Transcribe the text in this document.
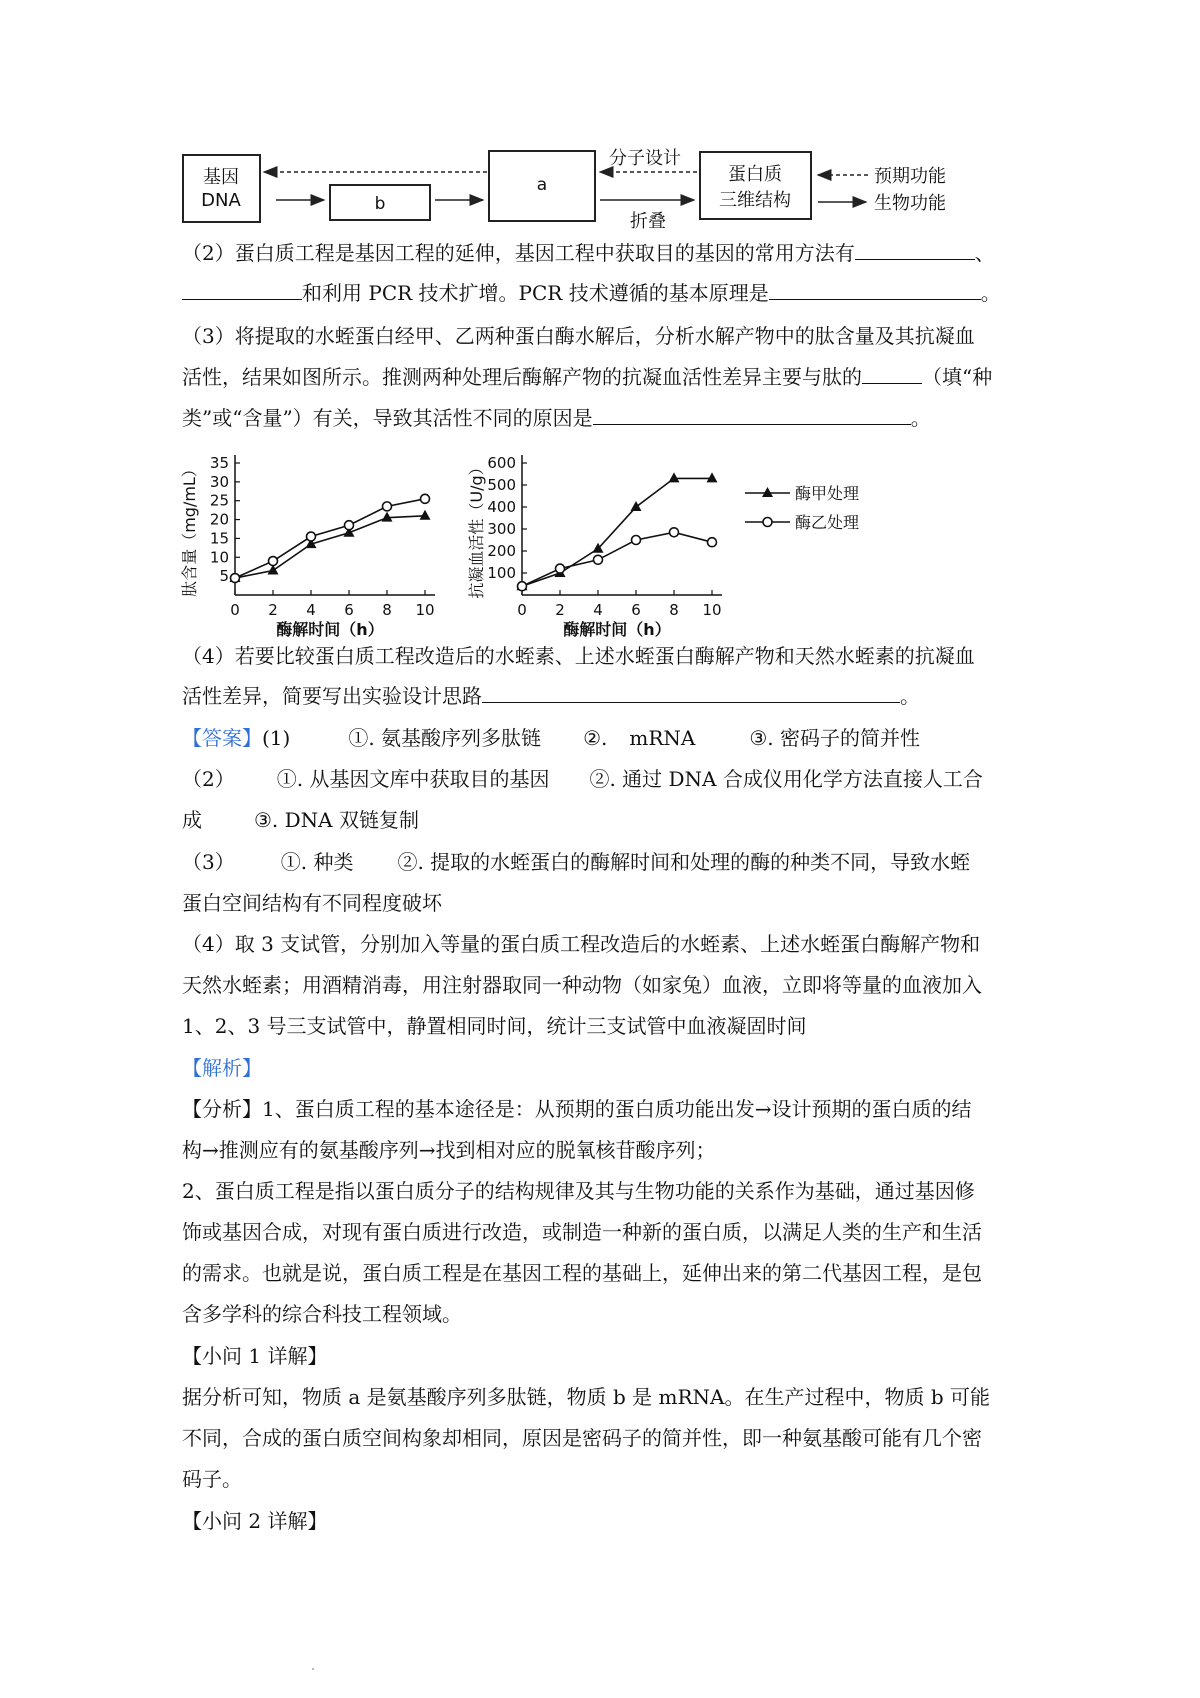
基因
DNA	b
a	蛋白质
三维结构
分子设计
折叠
预期功能
生物功能
（2）蛋白质工程是基因工程的延伸，基因工程中获取目的基因的常用方法有	、
和利用 PCR 技术扩增。PCR 技术遵循的基本原理是	。
（3）将提取的水蛭蛋白经甲、乙两种蛋白酶水解后，分析水解产物中的肽含量及其抗凝血
活性，结果如图所示。推测两种处理后酶解产物的抗凝血活性差异主要与肽的	（填“种
类”或“含量”）有关，导致其活性不同的原因是	。
0 2 4 6 8 10
5
10
15
20
25
30
35
酶解时间（h）
肽含量（mg/mL）
0 2 4 6 8 10
100
200
300
400
500
600
酶解时间（h）
抗凝血活性（U/g）	酶甲处理
酶乙处理
（4）若要比较蛋白质工程改造后的水蛭素、上述水蛭蛋白酶解产物和天然水蛭素的抗凝血
活性差异，简要写出实验设计思路	。
【答案】(1)	①. 氨基酸序列多肽链 ②. mRNA	③. 密码子的简并性
（2） ①. 从基因文库中获取目的基因 ②. 通过 DNA 合成仪用化学方法直接人工合
成	③. DNA 双链复制
（3） ①. 种类 ②. 提取的水蛭蛋白的酶解时间和处理的酶的种类不同，导致水蛭
蛋白空间结构有不同程度破坏
（4）取 3 支试管，分别加入等量的蛋白质工程改造后的水蛭素、上述水蛭蛋白酶解产物和
天然水蛭素；用酒精消毒，用注射器取同一种动物（如家兔）血液，立即将等量的血液加入
1、2、3 号三支试管中，静置相同时间，统计三支试管中血液凝固时间
【解析】
【分析】1、蛋白质工程的基本途径是：从预期的蛋白质功能出发→设计预期的蛋白质的结
构→推测应有的氨基酸序列→找到相对应的脱氧核苷酸序列；
2、蛋白质工程是指以蛋白质分子的结构规律及其与生物功能的关系作为基础，通过基因修
饰或基因合成，对现有蛋白质进行改造，或制造一种新的蛋白质，以满足人类的生产和生活
的需求。也就是说，蛋白质工程是在基因工程的基础上，延伸出来的第二代基因工程，是包
含多学科的综合科技工程领域。
【小问 1 详解】
据分析可知，物质 a 是氨基酸序列多肽链，物质 b 是 mRNA。在生产过程中，物质 b 可能
不同，合成的蛋白质空间构象却相同，原因是密码子的简并性，即一种氨基酸可能有几个密
码子。
【小问 2 详解】
